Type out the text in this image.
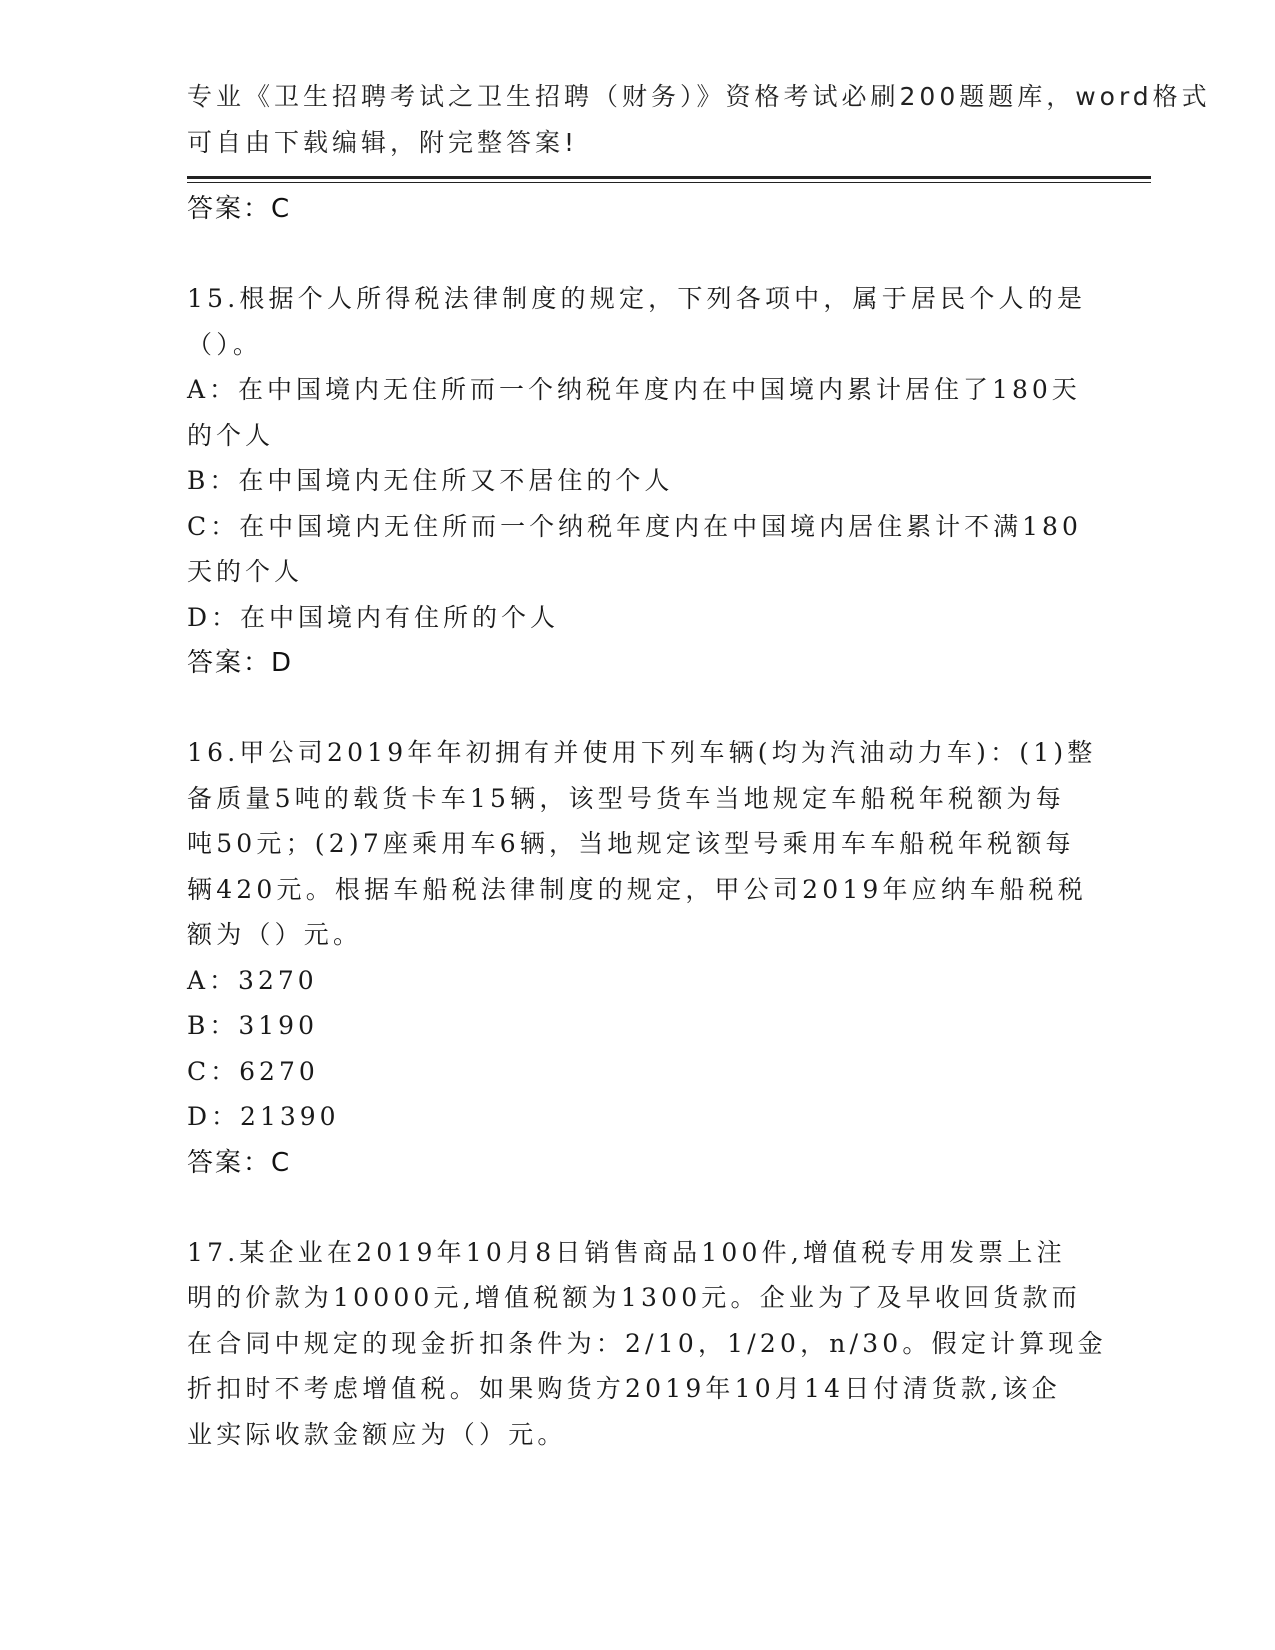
专业《卫生招聘考试之卫生招聘（财务）》资格考试必刷200题题库，word格式
可自由下载编辑，附完整答案!
答案：C
15.根据个人所得税法律制度的规定，下列各项中，属于居民个人的是
（）。
A：在中国境内无住所而一个纳税年度内在中国境内累计居住了180天
的个人
B：在中国境内无住所又不居住的个人
C：在中国境内无住所而一个纳税年度内在中国境内居住累计不满180
天的个人
D：在中国境内有住所的个人
答案：D
16.甲公司2019年年初拥有并使用下列车辆(均为汽油动力车)：(1)整
备质量5吨的载货卡车15辆，该型号货车当地规定车船税年税额为每
吨50元；(2)7座乘用车6辆，当地规定该型号乘用车车船税年税额每
辆420元。根据车船税法律制度的规定，甲公司2019年应纳车船税税
额为（）元。
A：3270
B：3190
C：6270
D：21390
答案：C
17.某企业在2019年10月8日销售商品100件,增值税专用发票上注
明的价款为10000元,增值税额为1300元。企业为了及早收回货款而
在合同中规定的现金折扣条件为：2/10，1/20，n/30。假定计算现金
折扣时不考虑增值税。如果购货方2019年10月14日付清货款,该企
业实际收款金额应为（）元。
